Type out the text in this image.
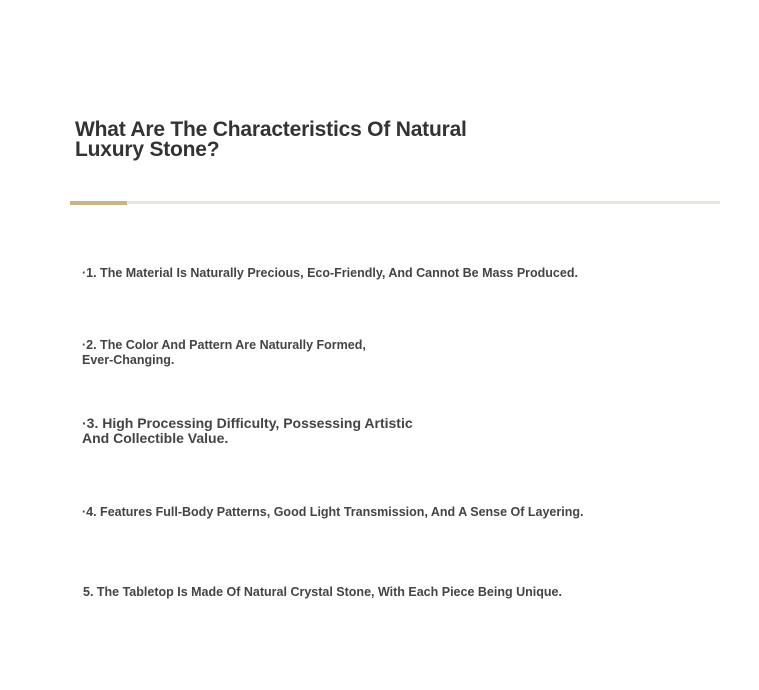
What Are The Characteristics Of Natural Luxury Stone?

·1. The Material Is Naturally Precious, Eco-Friendly, And Cannot Be Mass Produced.

·2. The Color And Pattern Are Naturally Formed, Ever-Changing.

·3. High Processing Difficulty, Possessing Artistic And Collectible Value.

·4. Features Full-Body Patterns, Good Light Transmission, And A Sense Of Layering.

5. The Tabletop Is Made Of Natural Crystal Stone, With Each Piece Being Unique.
